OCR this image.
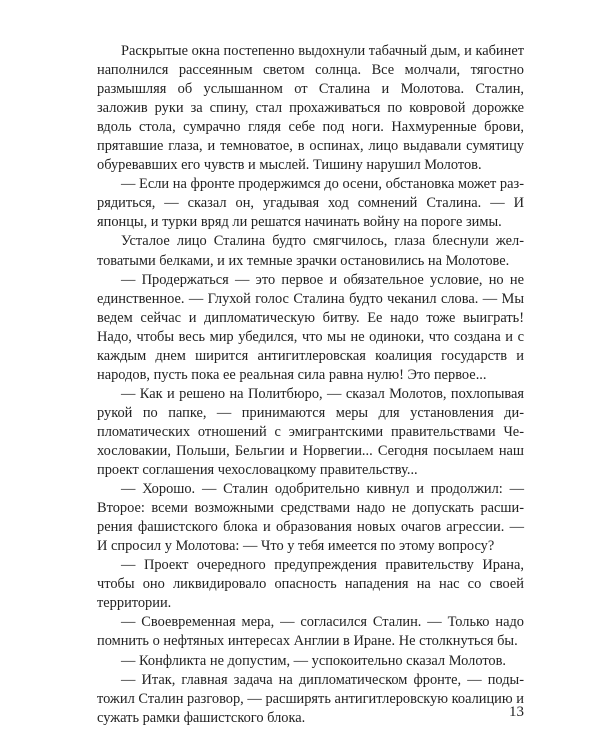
Раскрытые окна постепенно выдохнули табачный дым, и кабинет наполнился рассеянным светом солнца. Все молчали, тягостно размышляя об услышанном от Сталина и Молотова. Сталин, заложив руки за спину, стал прохаживаться по ковровой дорожке вдоль стола, сумрачно глядя себе под ноги. Нахмуренные брови, прятавшие глаза, и темноватое, в оспинах, лицо выдавали сумятицу обуревавших его чувств и мыслей. Тишину нарушил Молотов.

— Если на фронте продержимся до осени, обстановка может разрядиться, — сказал он, угадывая ход сомнений Сталина. — И японцы, и турки вряд ли решатся начинать войну на пороге зимы.

Усталое лицо Сталина будто смягчилось, глаза блеснули желтоватыми белками, и их темные зрачки остановились на Молотове.

— Продержаться — это первое и обязательное условие, но не единственное. — Глухой голос Сталина будто чеканил слова. — Мы ведем сейчас и дипломатическую битву. Ее надо тоже выиграть! Надо, чтобы весь мир убедился, что мы не одиноки, что создана и с каждым днем ширится антигитлеровская коалиция государств и народов, пусть пока ее реальная сила равна нулю! Это первое...

— Как и решено на Политбюро, — сказал Молотов, похлопывая рукой по папке, — принимаются меры для установления дипломатических отношений с эмигрантскими правительствами Чехословакии, Польши, Бельгии и Норвегии... Сегодня посылаем наш проект соглашения чехословацкому правительству...

— Хорошо. — Сталин одобрительно кивнул и продолжил: — Второе: всеми возможными средствами надо не допускать расширения фашистского блока и образования новых очагов агрессии. — И спросил у Молотова: — Что у тебя имеется по этому вопросу?

— Проект очередного предупреждения правительству Ирана, чтобы оно ликвидировало опасность нападения на нас со своей территории.

— Своевременная мера, — согласился Сталин. — Только надо помнить о нефтяных интересах Англии в Иране. Не столкнуться бы.

— Конфликта не допустим, — успокоительно сказал Молотов.

— Итак, главная задача на дипломатическом фронте, — подытожил Сталин разговор, — расширять антигитлеровскую коалицию и сужать рамки фашистского блока.	13
